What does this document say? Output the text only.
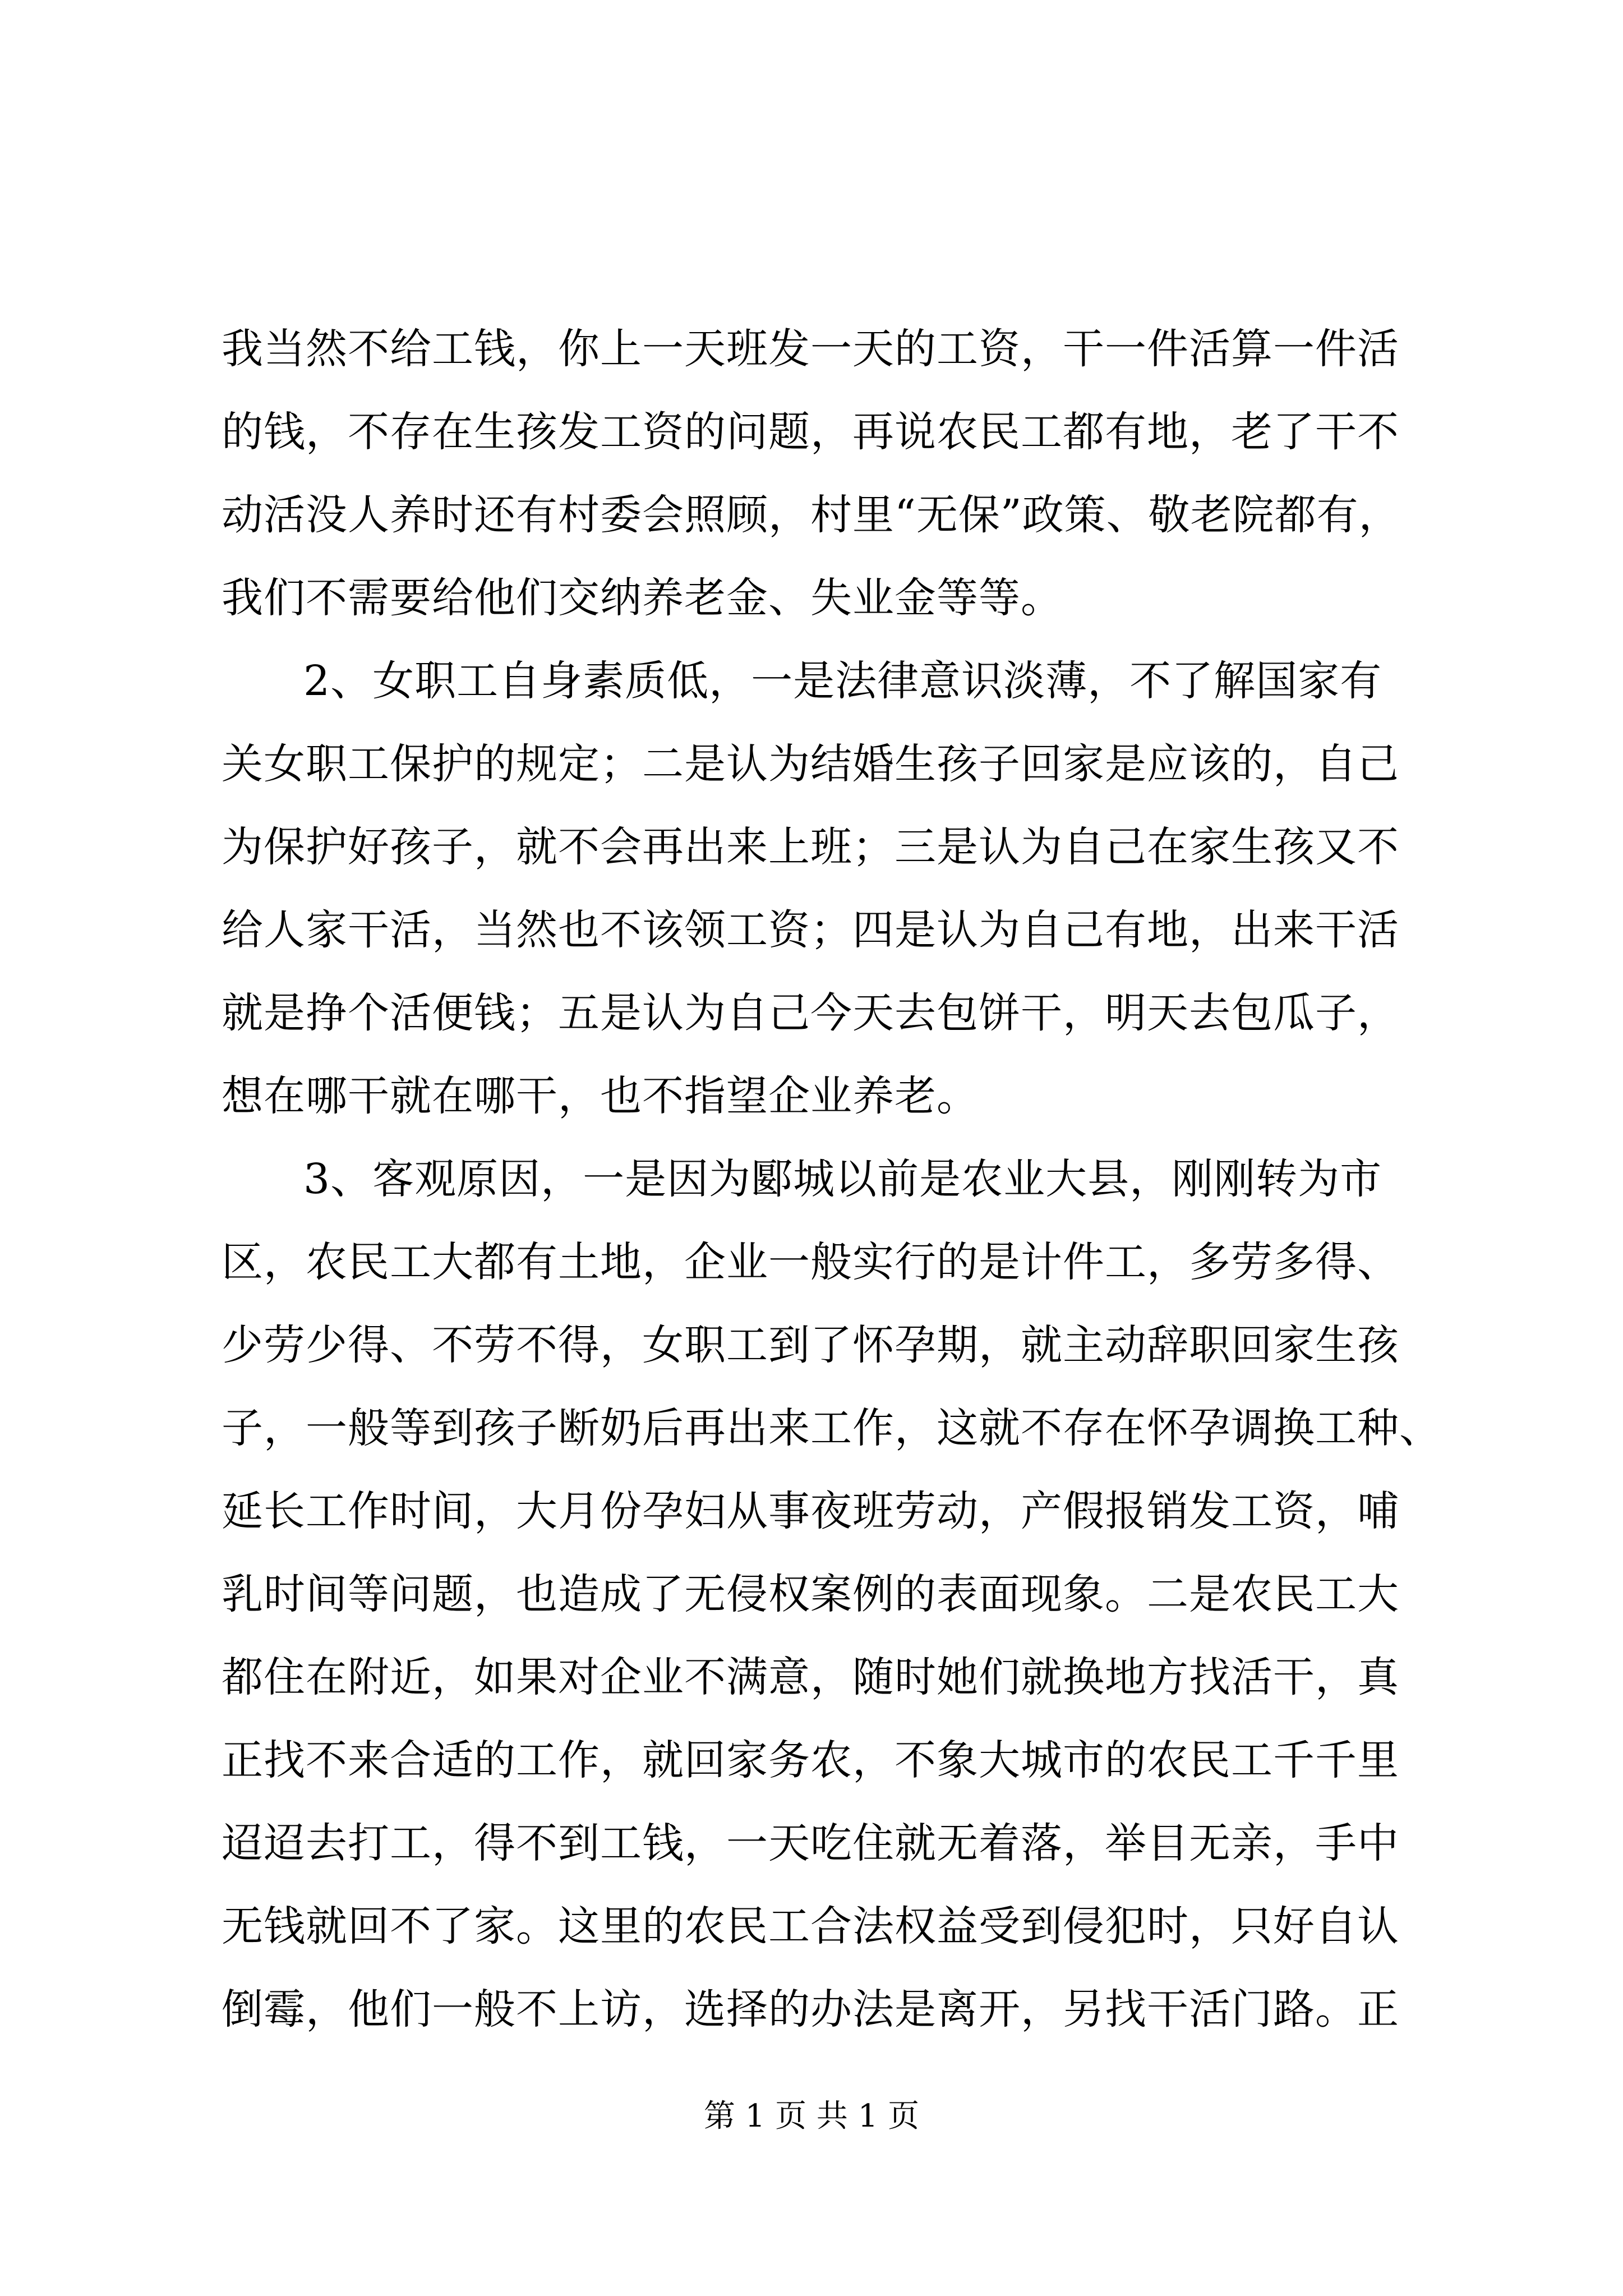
我当然不给工钱，你上一天班发一天的工资，干一件活算一件活
的钱，不存在生孩发工资的问题，再说农民工都有地，老了干不
动活没人养时还有村委会照顾，村里“无保”政策、敬老院都有，
我们不需要给他们交纳养老金、失业金等等。
2、女职工自身素质低，一是法律意识淡薄，不了解国家有
关女职工保护的规定；二是认为结婚生孩子回家是应该的，自己
为保护好孩子，就不会再出来上班；三是认为自己在家生孩又不
给人家干活，当然也不该领工资；四是认为自己有地，出来干活
就是挣个活便钱；五是认为自己今天去包饼干，明天去包瓜子，
想在哪干就在哪干，也不指望企业养老。
3、客观原因，一是因为郾城以前是农业大县，刚刚转为市
区，农民工大都有土地，企业一般实行的是计件工，多劳多得、
少劳少得、不劳不得，女职工到了怀孕期，就主动辞职回家生孩
子，一般等到孩子断奶后再出来工作，这就不存在怀孕调换工种、
延长工作时间，大月份孕妇从事夜班劳动，产假报销发工资，哺
乳时间等问题，也造成了无侵权案例的表面现象。二是农民工大
都住在附近，如果对企业不满意，随时她们就换地方找活干，真
正找不来合适的工作，就回家务农，不象大城市的农民工千千里
迢迢去打工，得不到工钱，一天吃住就无着落，举目无亲，手中
无钱就回不了家。这里的农民工合法权益受到侵犯时，只好自认
倒霉，他们一般不上访，选择的办法是离开，另找干活门路。正
第 1 页 共 1 页
